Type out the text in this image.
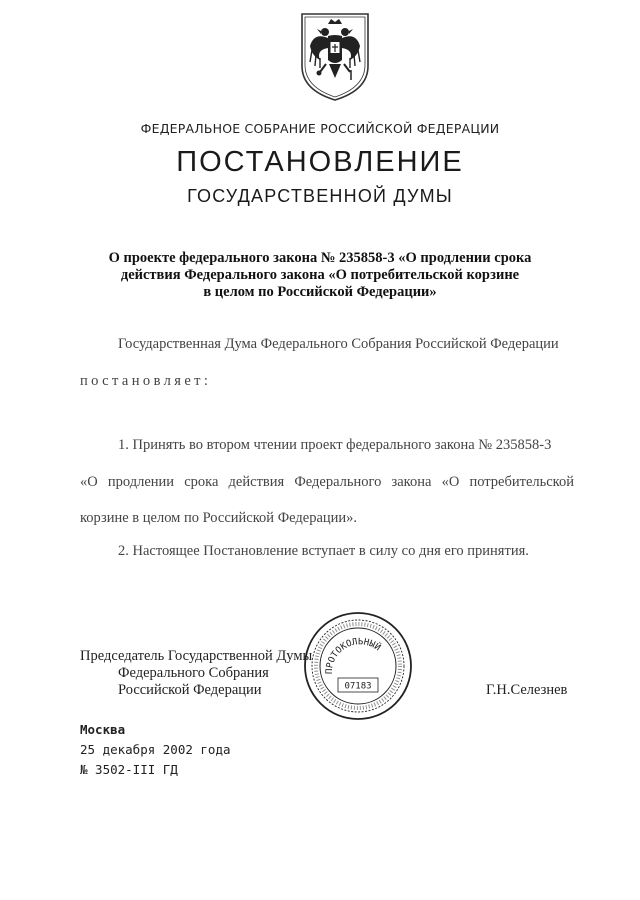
ФЕДЕРАЛЬНОЕ СОБРАНИЕ РОССИЙСКОЙ ФЕДЕРАЦИИ
ПОСТАНОВЛЕНИЕ
ГОСУДАРСТВЕННОЙ ДУМЫ
О проекте федерального закона № 235858-3 «О продлении срока
действия Федерального закона «О потребительской корзине
в целом по Российской Федерации»
Государственная Дума Федерального Собрания Российской Федерации
постановляет:
1. Принять во втором чтении проект федерального закона № 235858-3
«О продлении срока действия Федерального закона «О потребительской
корзине в целом по Российской Федерации».
2. Настоящее Постановление вступает в силу со дня его принятия.
Председатель Государственной Думы
Федерального Собрания
Российской Федерации
ПРОТОКОЛЬНЫЙ
07183	Г.Н.Селезнев
Москва
25 декабря 2002 года
№ 3502-III ГД
